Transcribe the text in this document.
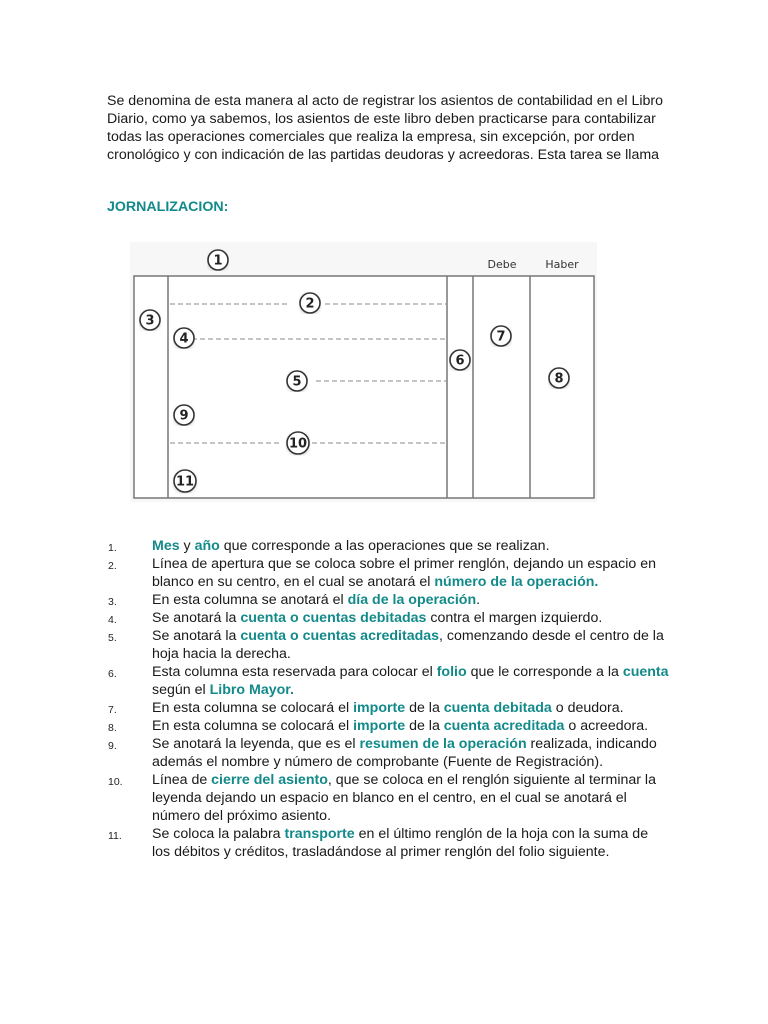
Se denomina de esta manera al acto de registrar los asientos de contabilidad en el Libro Diario, como ya sabemos, los asientos de este libro deben practicarse para contabilizar todas las operaciones comerciales que realiza la empresa, sin excepción, por orden cronológico y con indicación de las partidas deudoras y acreedoras. Esta tarea se llama

JORNALIZACION:

Debe	Haber
1
2
3
4
5
6
7
8
9
10
11
1.	Mes y año que corresponde a las operaciones que se realizan.
2.	Línea de apertura que se coloca sobre el primer renglón, dejando un espacio en blanco en su centro, en el cual se anotará el número de la operación.
3.	En esta columna se anotará el día de la operación.
4.	Se anotará la cuenta o cuentas debitadas contra el margen izquierdo.
5.	Se anotará la cuenta o cuentas acreditadas, comenzando desde el centro de la hoja hacia la derecha.
6.	Esta columna esta reservada para colocar el folio que le corresponde a la cuenta según el Libro Mayor.
7.	En esta columna se colocará el importe de la cuenta debitada o deudora.
8.	En esta columna se colocará el importe de la cuenta acreditada o acreedora.
9.	Se anotará la leyenda, que es el resumen de la operación realizada, indicando además el nombre y número de comprobante (Fuente de Registración).
10.	Línea de cierre del asiento, que se coloca en el renglón siguiente al terminar la leyenda dejando un espacio en blanco en el centro, en el cual se anotará el número del próximo asiento.
11.	Se coloca la palabra transporte en el último renglón de la hoja con la suma de los débitos y créditos, trasladándose al primer renglón del folio siguiente.
